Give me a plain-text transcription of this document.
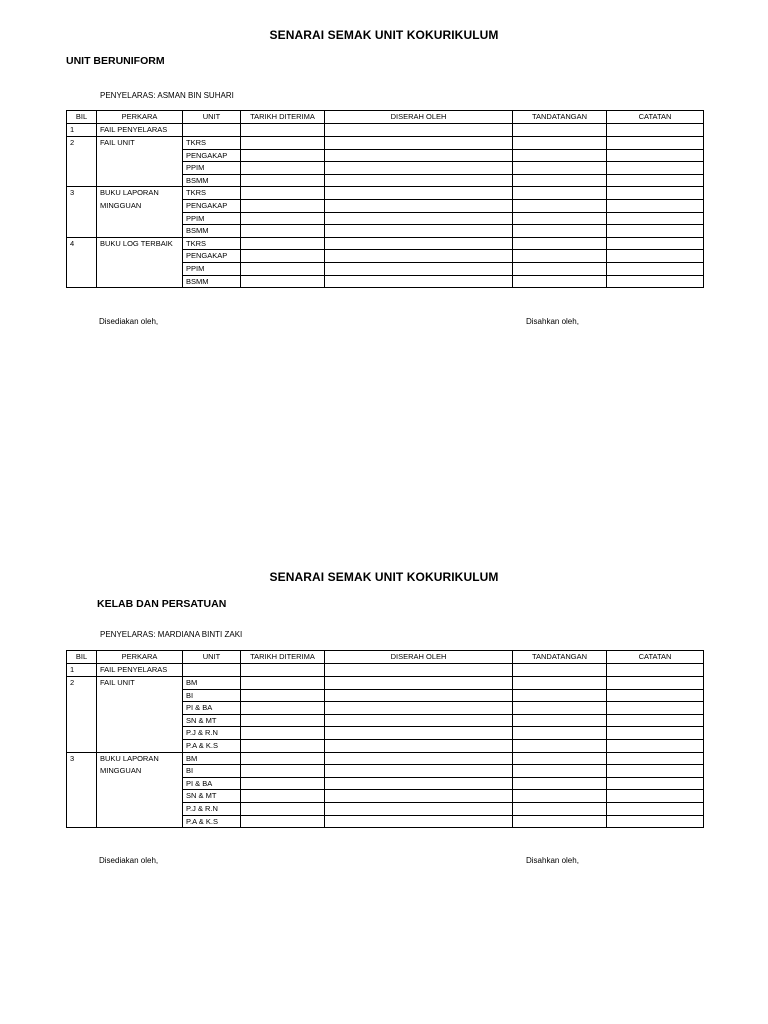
SENARAI SEMAK UNIT KOKURIKULUM
UNIT BERUNIFORM
PENYELARAS: ASMAN BIN SUHARI
BIL	PERKARA	UNIT	TARIKH DITERIMA	DISERAH OLEH	TANDATANGAN	CATATAN
1	FAIL PENYELARAS					
2	FAIL UNIT	TKRS				
		PENGAKAP				
		PPIM				
		BSMM				
3	BUKU LAPORAN MINGGUAN	TKRS				
		PENGAKAP				
		PPIM				
		BSMM				
4	BUKU LOG TERBAIK	TKRS				
		PENGAKAP				
		PPIM				
		BSMM				
Disediakan oleh,	Disahkan oleh,
SENARAI SEMAK UNIT KOKURIKULUM
KELAB DAN PERSATUAN
PENYELARAS: MARDIANA BINTI ZAKI
BIL	PERKARA	UNIT	TARIKH DITERIMA	DISERAH OLEH	TANDATANGAN	CATATAN
1	FAIL PENYELARAS					
2	FAIL UNIT	BM				
		BI				
		PI & BA				
		SN & MT				
		P.J & R.N				
		P.A & K.S				
3	BUKU LAPORAN MINGGUAN	BM				
		BI				
		PI & BA				
		SN & MT				
		P.J & R.N				
		P.A & K.S				
Disediakan oleh,	Disahkan oleh,
